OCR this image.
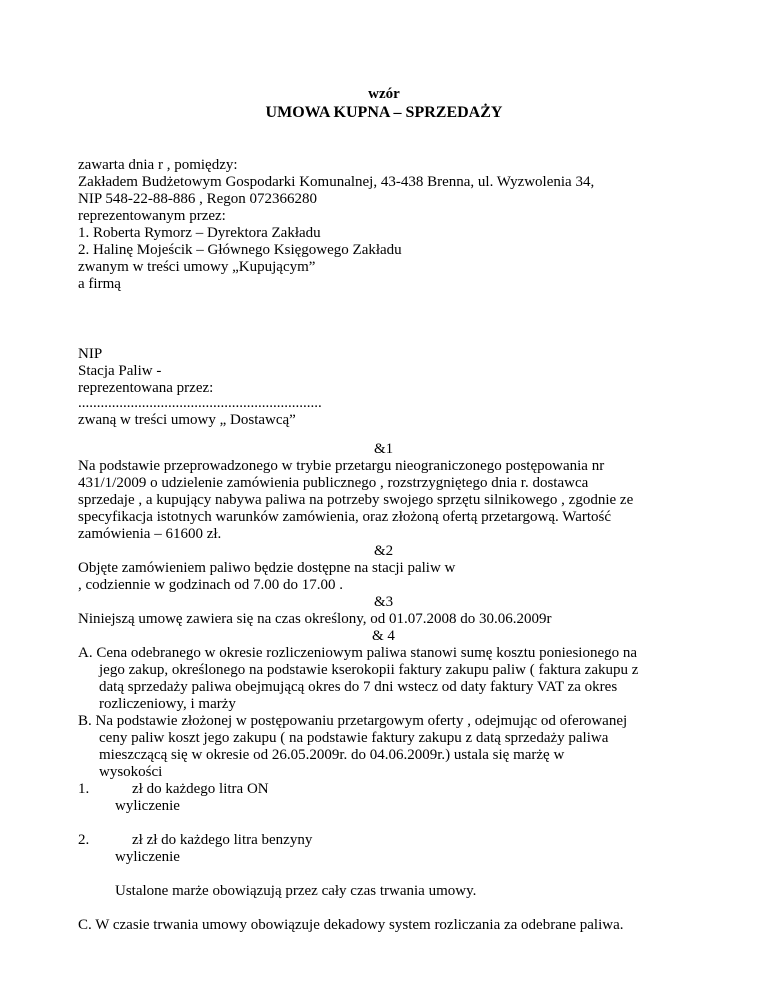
wzór
UMOWA KUPNA – SPRZEDAŻY
zawarta dnia r , pomiędzy:
Zakładem Budżetowym Gospodarki Komunalnej, 43-438 Brenna, ul. Wyzwolenia 34,
NIP 548-22-88-886 , Regon 072366280
reprezentowanym przez:
1. Roberta Rymorz – Dyrektora Zakładu
2. Halinę Mojeścik – Głównego Księgowego Zakładu
zwanym w treści umowy „Kupującym”
a firmą
NIP
Stacja Paliw -
reprezentowana przez:
.................................................................
zwaną w treści umowy „ Dostawcą”
&1
Na podstawie przeprowadzonego w trybie przetargu nieograniczonego postępowania nr
431/1/2009 o udzielenie zamówienia publicznego , rozstrzygniętego dnia r. dostawca
sprzedaje , a kupujący nabywa paliwa na potrzeby swojego sprzętu silnikowego , zgodnie ze
specyfikacja istotnych warunków zamówienia, oraz złożoną ofertą przetargową. Wartość
zamówienia – 61600 zł.
&2
Objęte zamówieniem paliwo będzie dostępne na stacji paliw w
, codziennie w godzinach od 7.00 do 17.00 .
&3
Niniejszą umowę zawiera się na czas określony, od 01.07.2008 do 30.06.2009r
& 4
A. Cena odebranego w okresie rozliczeniowym paliwa stanowi sumę kosztu poniesionego na
jego zakup, określonego na podstawie kserokopii faktury zakupu paliw ( faktura zakupu z
datą sprzedaży paliwa obejmującą okres do 7 dni wstecz od daty faktury VAT za okres
rozliczeniowy, i marży
B. Na podstawie złożonej w postępowaniu przetargowym oferty , odejmując od oferowanej
ceny paliw koszt jego zakupu ( na podstawie faktury zakupu z datą sprzedaży paliwa
mieszczącą się w okresie od 26.05.2009r. do 04.06.2009r.) ustala się marżę w
wysokości
1.	zł do każdego litra ON
wyliczenie
2.	zł zł do każdego litra benzyny
wyliczenie
Ustalone marże obowiązują przez cały czas trwania umowy.
C. W czasie trwania umowy obowiązuje dekadowy system rozliczania za odebrane paliwa.
